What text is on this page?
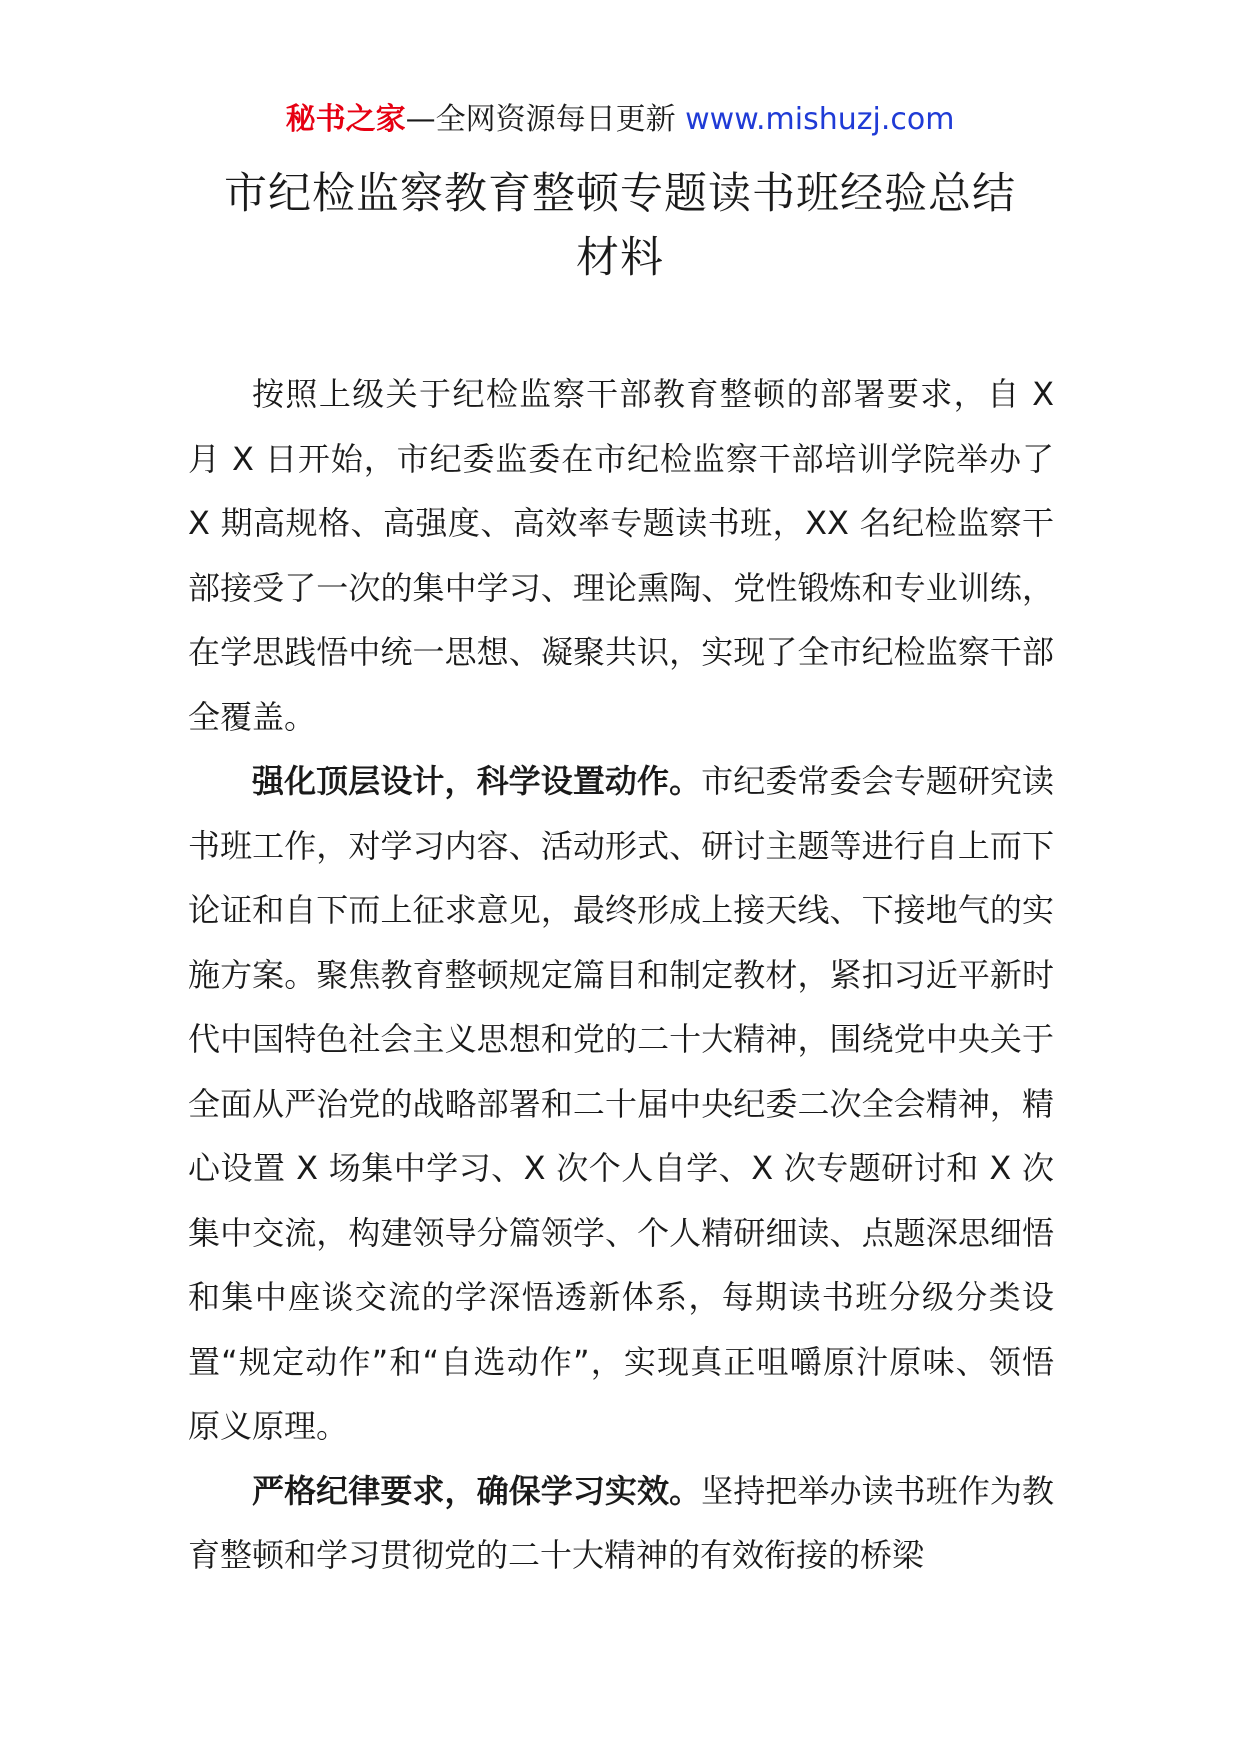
秘书之家—全网资源每日更新 www.mishuzj.com
市纪检监察教育整顿专题读书班经验总结
材料

按照上级关于纪检监察干部教育整顿的部署要求，自 X 月 X 日开始，市纪委监委在市纪检监察干部培训学院举办了 X 期高规格、高强度、高效率专题读书班，XX 名纪检监察干部接受了一次的集中学习、理论熏陶、党性锻炼和专业训练，在学思践悟中统一思想、凝聚共识，实现了全市纪检监察干部全覆盖。

强化顶层设计，科学设置动作。市纪委常委会专题研究读书班工作，对学习内容、活动形式、研讨主题等进行自上而下论证和自下而上征求意见，最终形成上接天线、下接地气的实施方案。聚焦教育整顿规定篇目和制定教材，紧扣习近平新时代中国特色社会主义思想和党的二十大精神，围绕党中央关于全面从严治党的战略部署和二十届中央纪委二次全会精神，精心设置 X 场集中学习、X 次个人自学、X 次专题研讨和 X 次集中交流，构建领导分篇领学、个人精研细读、点题深思细悟和集中座谈交流的学深悟透新体系，每期读书班分级分类设置“规定动作”和“自选动作”，实现真正咀嚼原汁原味、领悟原义原理。

严格纪律要求，确保学习实效。坚持把举办读书班作为教育整顿和学习贯彻党的二十大精神的有效衔接的桥梁
